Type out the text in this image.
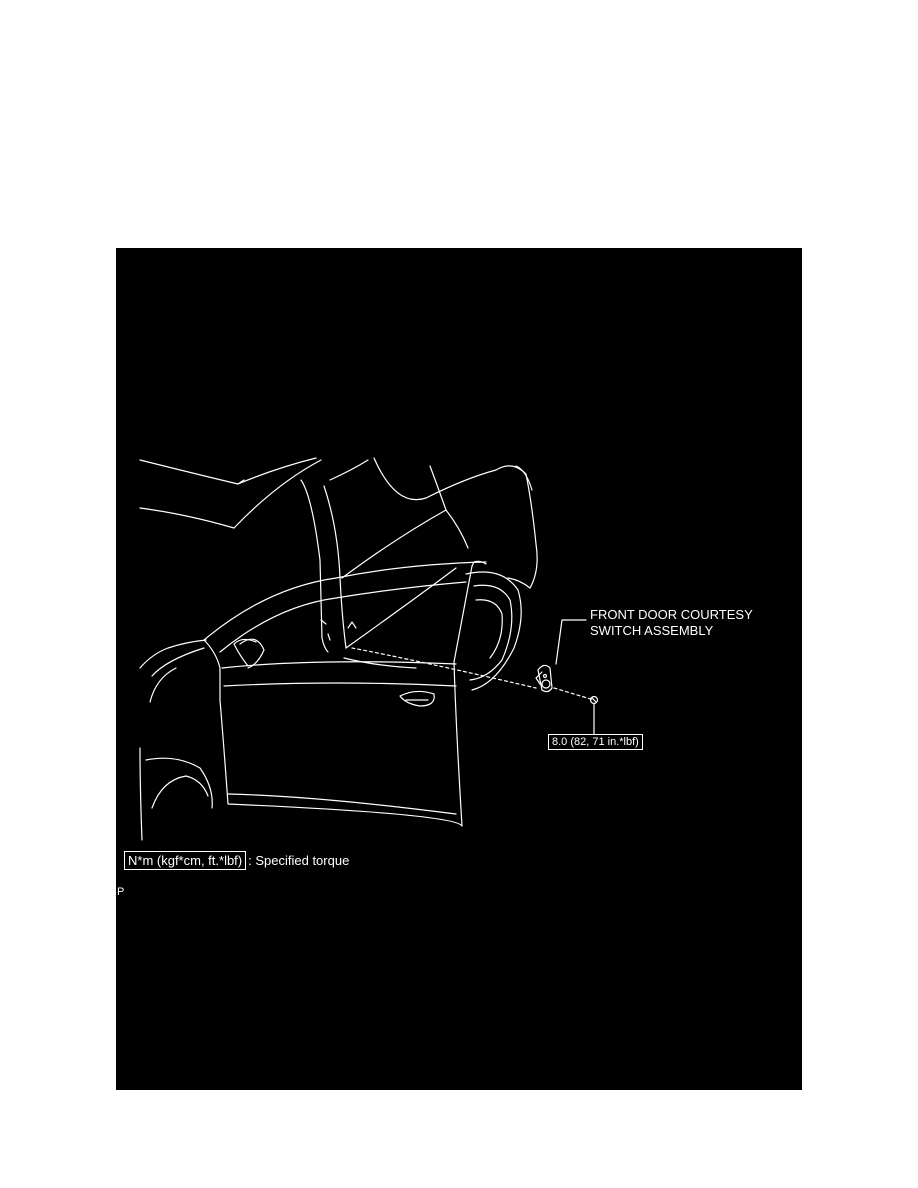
FRONT DOOR COURTESY
SWITCH ASSEMBLY
8.0 (82, 71 in.*lbf)
N*m (kgf*cm, ft.*lbf) : Specified torque
P
